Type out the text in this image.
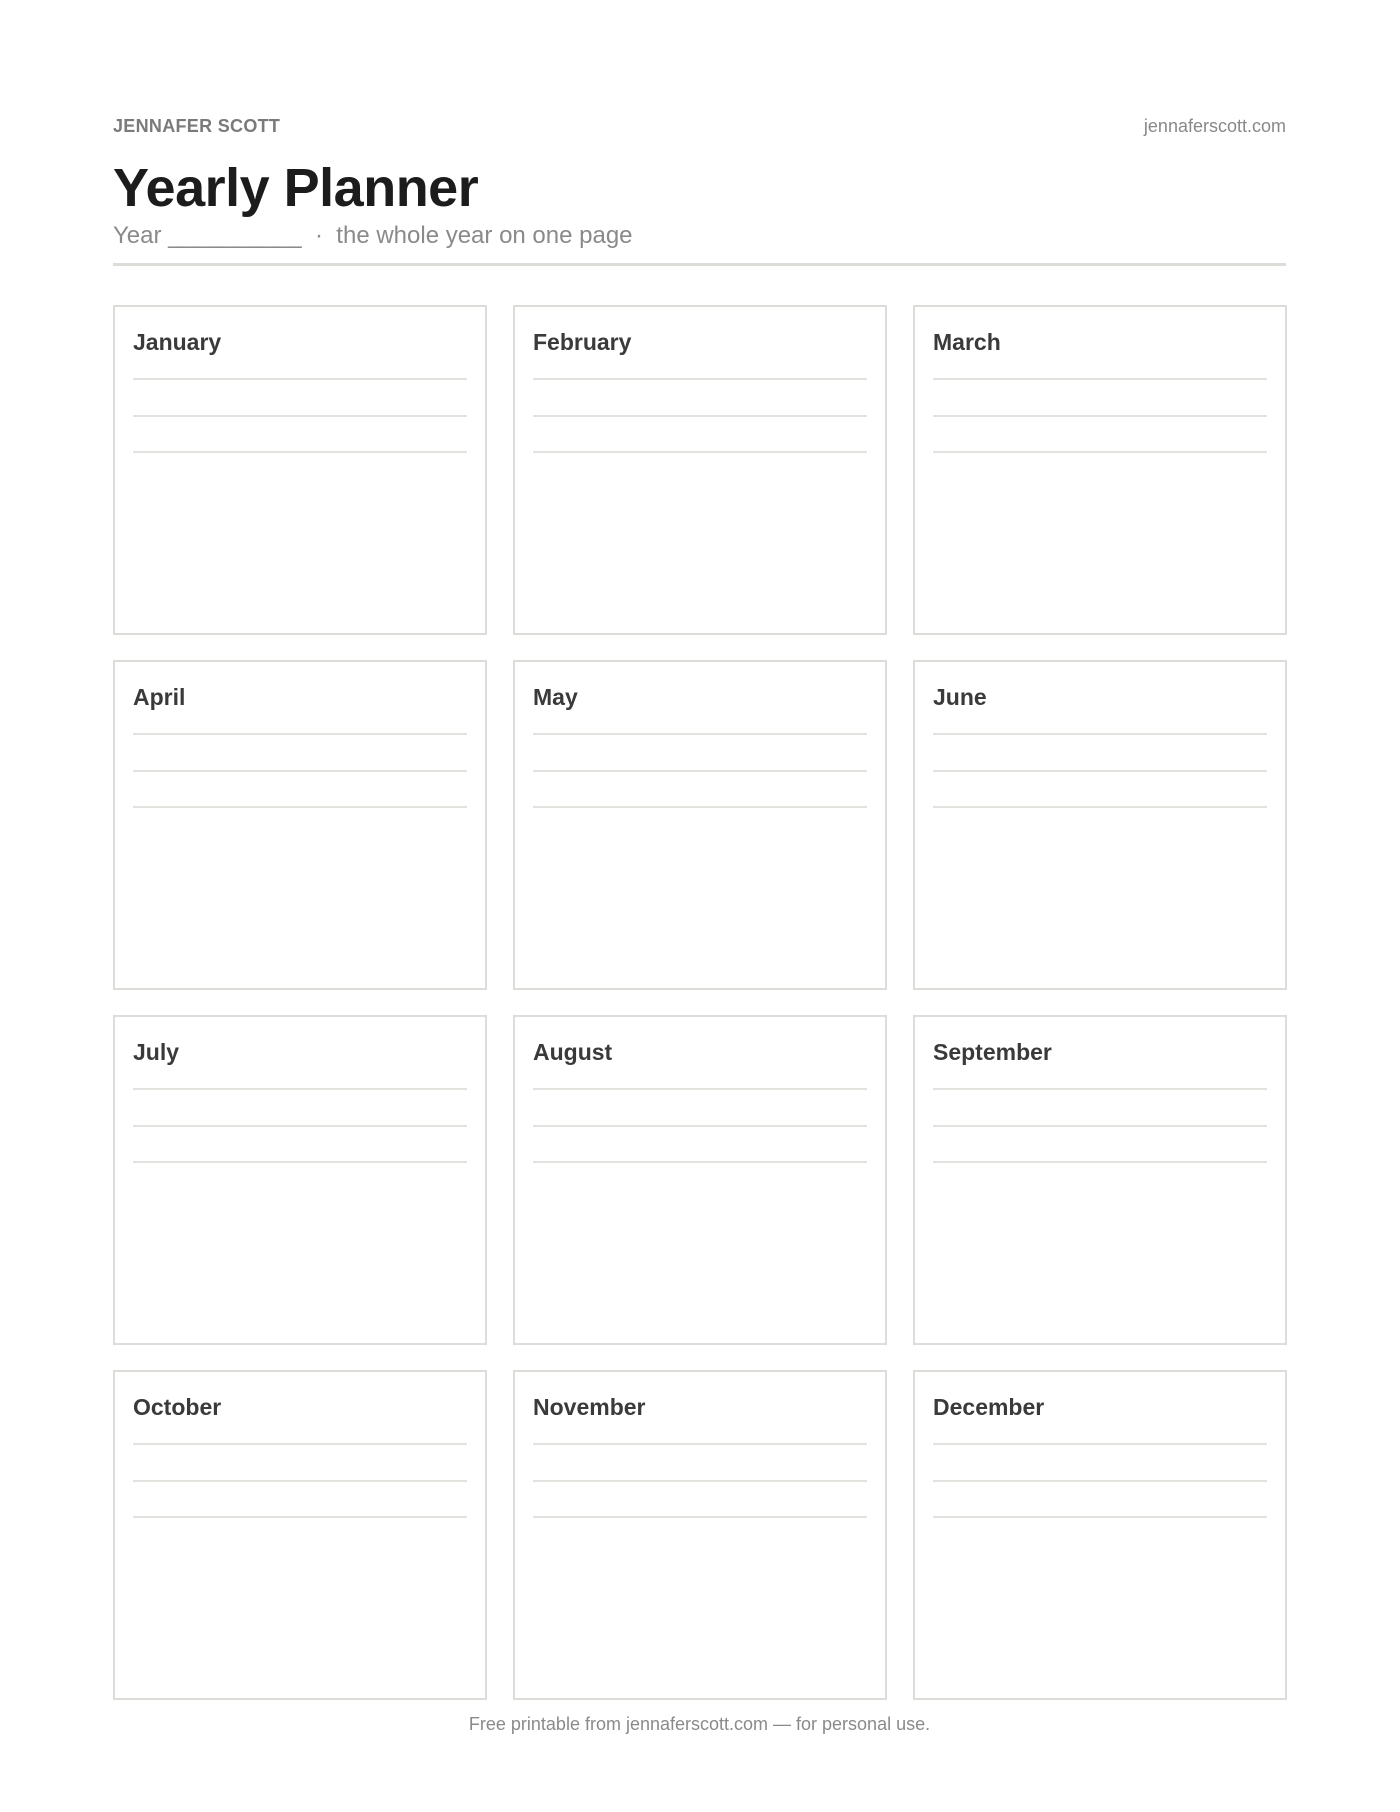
JENNAFER SCOTT	jennaferscott.com
Yearly Planner
Year __________  ·  the whole year on one page
January	February	March
April	May	June
July	August	September
October	November	December
Free printable from jennaferscott.com — for personal use.
